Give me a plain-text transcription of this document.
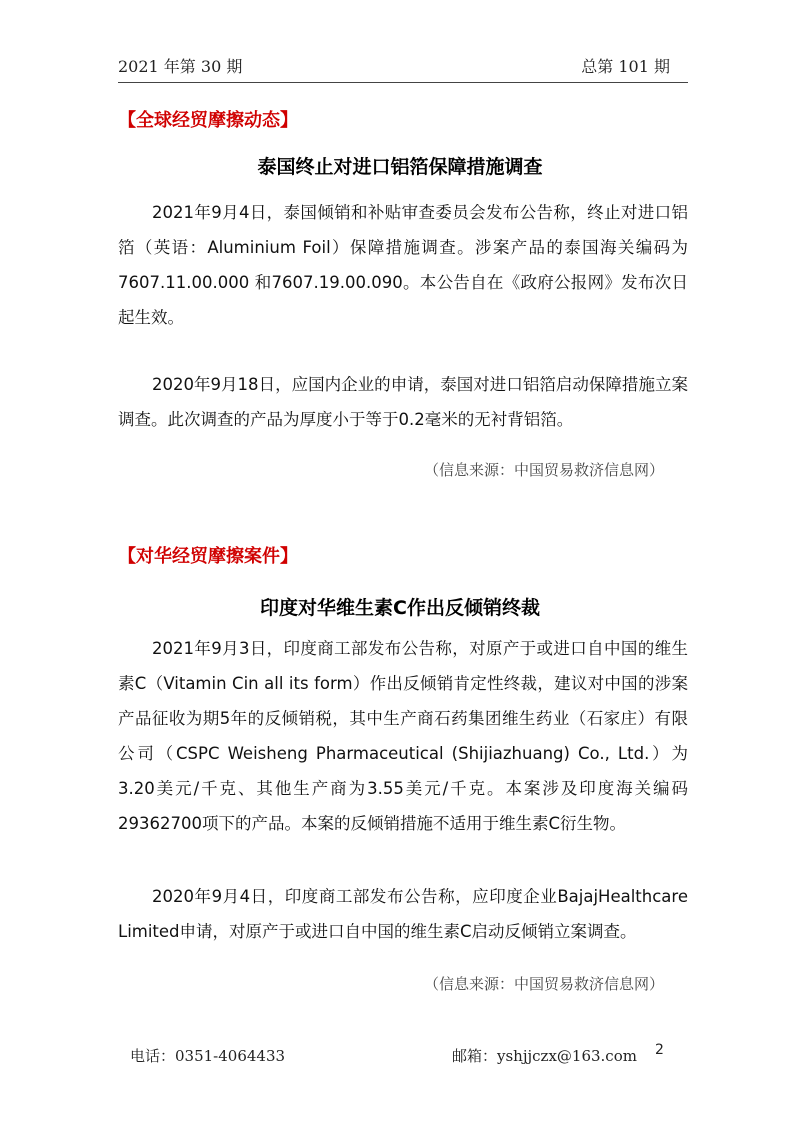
2021 年第 30 期	总第 101 期
【全球经贸摩擦动态】
泰国终止对进口铝箔保障措施调查
2021年9月4日，泰国倾销和补贴审查委员会发布公告称，终止对进口铝箔（英语：Aluminium Foil）保障措施调查。涉案产品的泰国海关编码为7607.11.00.000 和7607.19.00.090。本公告自在《政府公报网》发布次日起生效。
2020年9月18日，应国内企业的申请，泰国对进口铝箔启动保障措施立案调查。此次调查的产品为厚度小于等于0.2毫米的无衬背铝箔。
（信息来源：中国贸易救济信息网）
【对华经贸摩擦案件】
印度对华维生素C作出反倾销终裁
2021年9月3日，印度商工部发布公告称，对原产于或进口自中国的维生素C（Vitamin Cin all its form）作出反倾销肯定性终裁，建议对中国的涉案产品征收为期5年的反倾销税，其中生产商石药集团维生药业（石家庄）有限公司（CSPC Weisheng Pharmaceutical (Shijiazhuang) Co., Ltd.）为3.20美元/千克、其他生产商为3.55美元/千克。本案涉及印度海关编码29362700项下的产品。本案的反倾销措施不适用于维生素C衍生物。
2020年9月4日，印度商工部发布公告称，应印度企业BajajHealthcare Limited申请，对原产于或进口自中国的维生素C启动反倾销立案调查。
（信息来源：中国贸易救济信息网）
电话：0351-4064433	邮箱：yshjjczx@163.com 2
